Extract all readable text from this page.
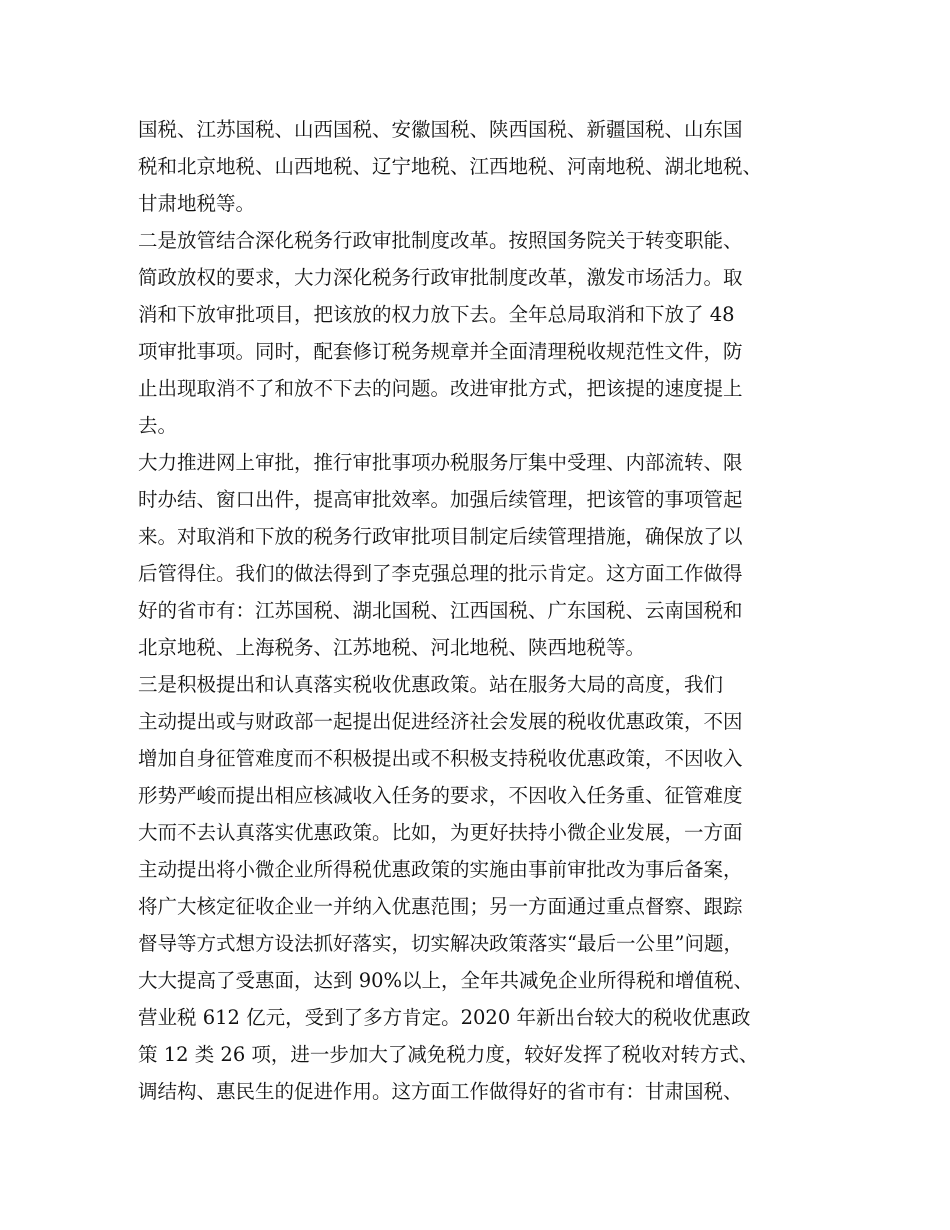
国税、江苏国税、山西国税、安徽国税、陕西国税、新疆国税、山东国
税和北京地税、山西地税、辽宁地税、江西地税、河南地税、湖北地税、
甘肃地税等。
二是放管结合深化税务行政审批制度改革。按照国务院关于转变职能、
简政放权的要求，大力深化税务行政审批制度改革，激发市场活力。取
消和下放审批项目，把该放的权力放下去。全年总局取消和下放了 48
项审批事项。同时，配套修订税务规章并全面清理税收规范性文件，防
止出现取消不了和放不下去的问题。改进审批方式，把该提的速度提上
去。
大力推进网上审批，推行审批事项办税服务厅集中受理、内部流转、限
时办结、窗口出件，提高审批效率。加强后续管理，把该管的事项管起
来。对取消和下放的税务行政审批项目制定后续管理措施，确保放了以
后管得住。我们的做法得到了李克强总理的批示肯定。这方面工作做得
好的省市有：江苏国税、湖北国税、江西国税、广东国税、云南国税和
北京地税、上海税务、江苏地税、河北地税、陕西地税等。
三是积极提出和认真落实税收优惠政策。站在服务大局的高度，我们
主动提出或与财政部一起提出促进经济社会发展的税收优惠政策，不因
增加自身征管难度而不积极提出或不积极支持税收优惠政策，不因收入
形势严峻而提出相应核减收入任务的要求，不因收入任务重、征管难度
大而不去认真落实优惠政策。比如，为更好扶持小微企业发展，一方面
主动提出将小微企业所得税优惠政策的实施由事前审批改为事后备案，
将广大核定征收企业一并纳入优惠范围；另一方面通过重点督察、跟踪
督导等方式想方设法抓好落实，切实解决政策落实“最后一公里”问题，
大大提高了受惠面，达到 90%以上，全年共减免企业所得税和增值税、
营业税 612 亿元，受到了多方肯定。2020 年新出台较大的税收优惠政
策 12 类 26 项，进一步加大了减免税力度，较好发挥了税收对转方式、
调结构、惠民生的促进作用。这方面工作做得好的省市有：甘肃国税、
